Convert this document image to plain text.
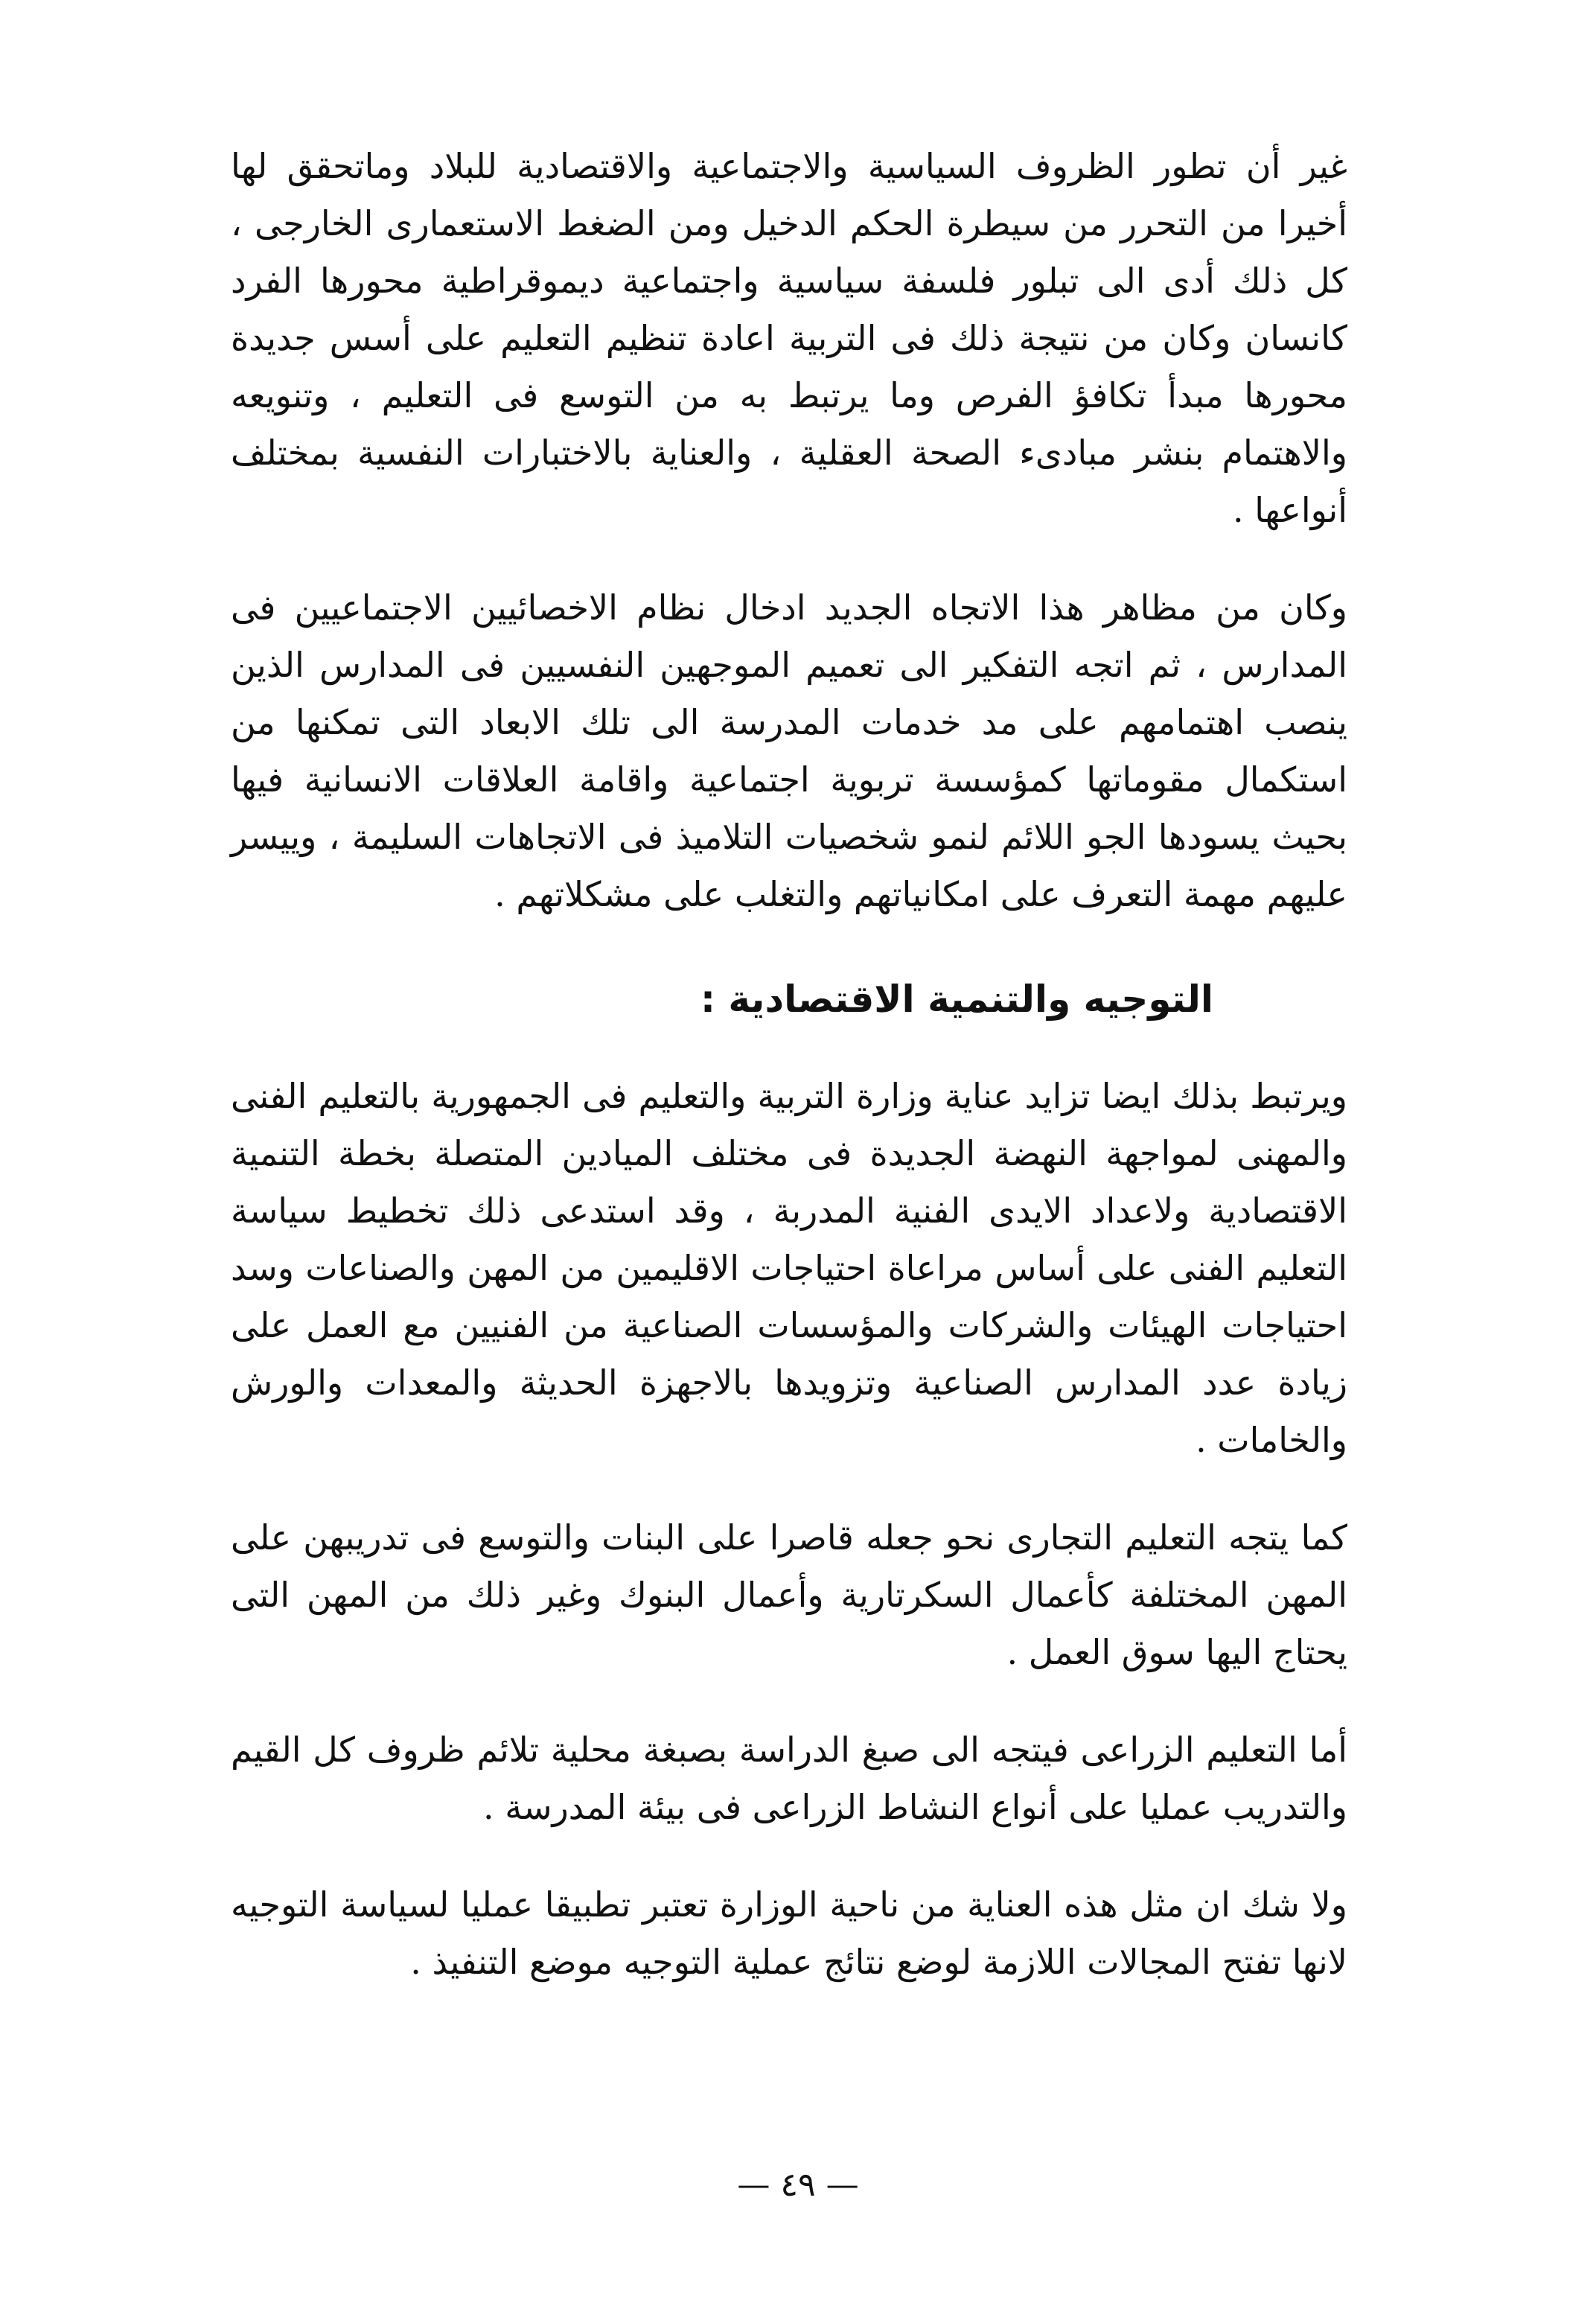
غير أن تطور الظروف السياسية والاجتماعية والاقتصادية للبلاد وماتحقق لها أخيرا من التحرر من سيطرة الحكم الدخيل ومن الضغط الاستعمارى الخارجى ، كل ذلك أدى الى تبلور فلسفة سياسية واجتماعية ديموقراطية محورها الفرد كانسان وكان من نتيجة ذلك فى التربية اعادة تنظيم التعليم على أسس جديدة محورها مبدأ تكافؤ الفرص وما يرتبط به من التوسع فى التعليم ، وتنويعه والاهتمام بنشر مبادىء الصحة العقلية ، والعناية بالاختبارات النفسية بمختلف أنواعها .

وكان من مظاهر هذا الاتجاه الجديد ادخال نظام الاخصائيين الاجتماعيين فى المدارس ، ثم اتجه التفكير الى تعميم الموجهين النفسيين فى المدارس الذين ينصب اهتمامهم على مد خدمات المدرسة الى تلك الابعاد التى تمكنها من استكمال مقوماتها كمؤسسة تربوية اجتماعية واقامة العلاقات الانسانية فيها بحيث يسودها الجو اللائم لنمو شخصيات التلاميذ فى الاتجاهات السليمة ، وييسر عليهم مهمة التعرف على امكانياتهم والتغلب على مشكلاتهم .

التوجيه والتنمية الاقتصادية :

ويرتبط بذلك ايضا تزايد عناية وزارة التربية والتعليم فى الجمهورية بالتعليم الفنى والمهنى لمواجهة النهضة الجديدة فى مختلف الميادين المتصلة بخطة التنمية الاقتصادية ولاعداد الايدى الفنية المدربة ، وقد استدعى ذلك تخطيط سياسة التعليم الفنى على أساس مراعاة احتياجات الاقليمين من المهن والصناعات وسد احتياجات الهيئات والشركات والمؤسسات الصناعية من الفنيين مع العمل على زيادة عدد المدارس الصناعية وتزويدها بالاجهزة الحديثة والمعدات والورش والخامات .

كما يتجه التعليم التجارى نحو جعله قاصرا على البنات والتوسع فى تدريبهن على المهن المختلفة كأعمال السكرتارية وأعمال البنوك وغير ذلك من المهن التى يحتاج اليها سوق العمل .

أما التعليم الزراعى فيتجه الى صبغ الدراسة بصبغة محلية تلائم ظروف كل القيم والتدريب عمليا على أنواع النشاط الزراعى فى بيئة المدرسة .

ولا شك ان مثل هذه العناية من ناحية الوزارة تعتبر تطبيقا عمليا لسياسة التوجيه لانها تفتح المجالات اللازمة لوضع نتائج عملية التوجيه موضع التنفيذ .

— ٤٩ —
